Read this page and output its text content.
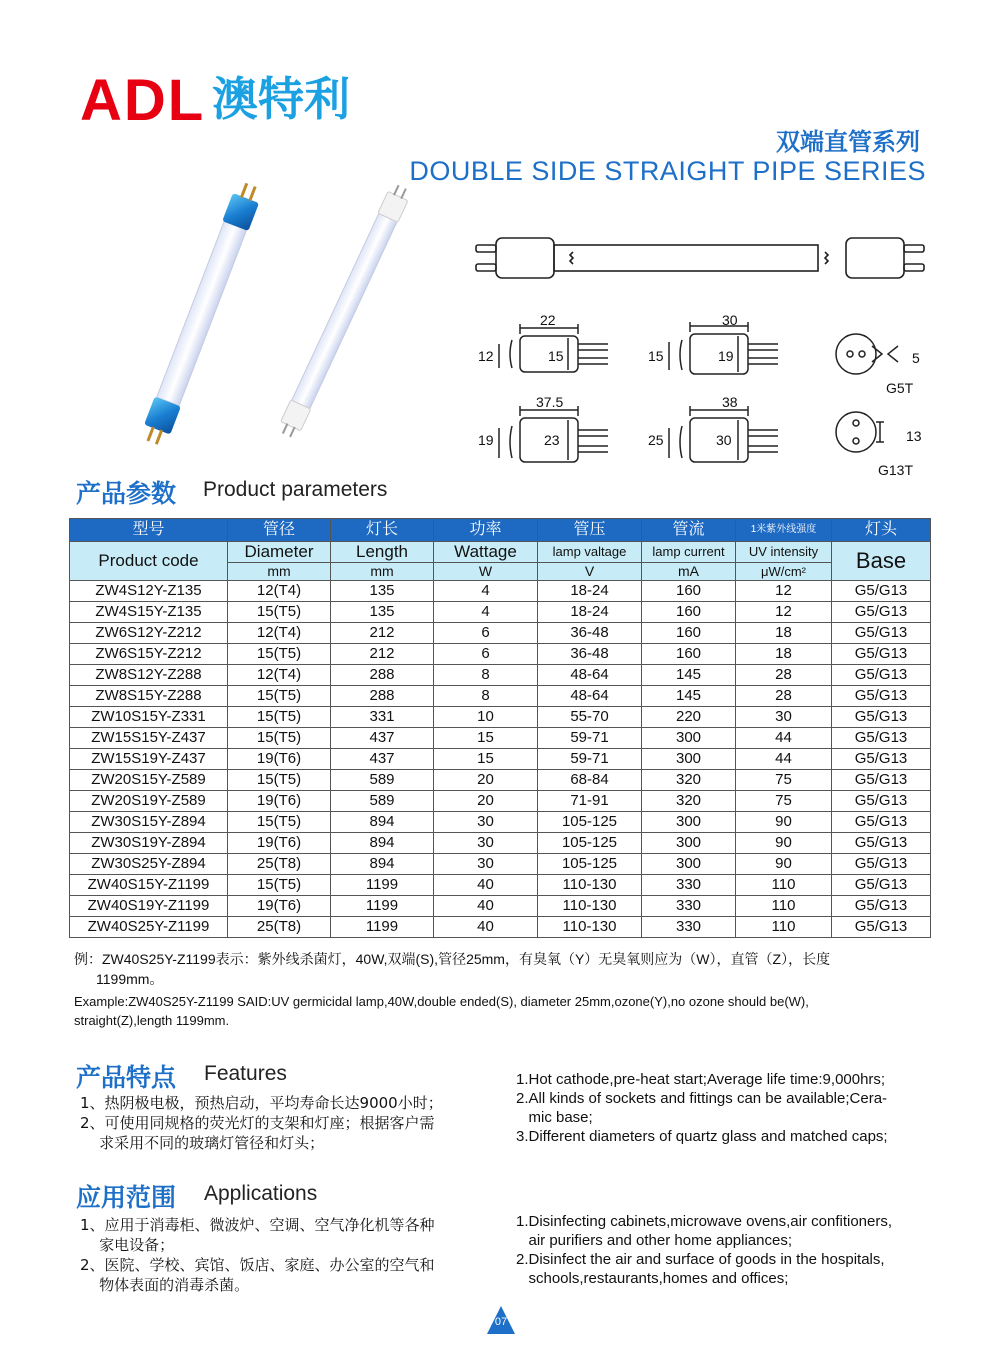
ADL 澳特利
双端直管系列
DOUBLE SIDE STRAIGHT PIPE SERIES
22
15
12
30
19
15	5
G5T
37.5
23
19
38
30
25	13
G13T
产品参数 Product parameters
型号	管径	灯长	功率	管压	管流	1米紫外线强度	灯头
Product code	Diameter	Length	Wattage	lamp valtage	lamp current	UV intensity	Base
	mm	mm	W	V	mA	μW/cm²	
ZW4S12Y-Z135	12(T4)	135	4	18-24	160	12	G5/G13
ZW4S15Y-Z135	15(T5)	135	4	18-24	160	12	G5/G13
ZW6S12Y-Z212	12(T4)	212	6	36-48	160	18	G5/G13
ZW6S15Y-Z212	15(T5)	212	6	36-48	160	18	G5/G13
ZW8S12Y-Z288	12(T4)	288	8	48-64	145	28	G5/G13
ZW8S15Y-Z288	15(T5)	288	8	48-64	145	28	G5/G13
ZW10S15Y-Z331	15(T5)	331	10	55-70	220	30	G5/G13
ZW15S15Y-Z437	15(T5)	437	15	59-71	300	44	G5/G13
ZW15S19Y-Z437	19(T6)	437	15	59-71	300	44	G5/G13
ZW20S15Y-Z589	15(T5)	589	20	68-84	320	75	G5/G13
ZW20S19Y-Z589	19(T6)	589	20	71-91	320	75	G5/G13
ZW30S15Y-Z894	15(T5)	894	30	105-125	300	90	G5/G13
ZW30S19Y-Z894	19(T6)	894	30	105-125	300	90	G5/G13
ZW30S25Y-Z894	25(T8)	894	30	105-125	300	90	G5/G13
ZW40S15Y-Z1199	15(T5)	1199	40	110-130	330	110	G5/G13
ZW40S19Y-Z1199	19(T6)	1199	40	110-130	330	110	G5/G13
ZW40S25Y-Z1199	25(T8)	1199	40	110-130	330	110	G5/G13
例：ZW40S25Y-Z1199表示：紫外线杀菌灯，40W,双端(S),管径25mm，有臭氧（Y）无臭氧则应为（W），直管（Z），长度
1199mm。
Example:ZW40S25Y-Z1199 SAID:UV germicidal lamp,40W,double ended(S), diameter 25mm,ozone(Y),no ozone should be(W),
straight(Z),length 1199mm.
产品特点 Features
1、热阴极电极，预热启动，平均寿命长达9000小时；
2、可使用同规格的荧光灯的支架和灯座；根据客户需
求采用不同的玻璃灯管径和灯头；
1.Hot cathode,pre-heat start;Average life time:9,000hrs;
2.All kinds of sockets and fittings can be available;Cera-
mic base;
3.Different diameters of quartz glass and matched caps;
应用范围 Applications
1、应用于消毒柜、微波炉、空调、空气净化机等各种
家电设备；
2、医院、学校、宾馆、饭店、家庭、办公室的空气和
物体表面的消毒杀菌。
1.Disinfecting cabinets,microwave ovens,air confitioners,
air purifiers and other home appliances;
2.Disinfect the air and surface of goods in the hospitals,
schools,restaurants,homes and offices;
07
